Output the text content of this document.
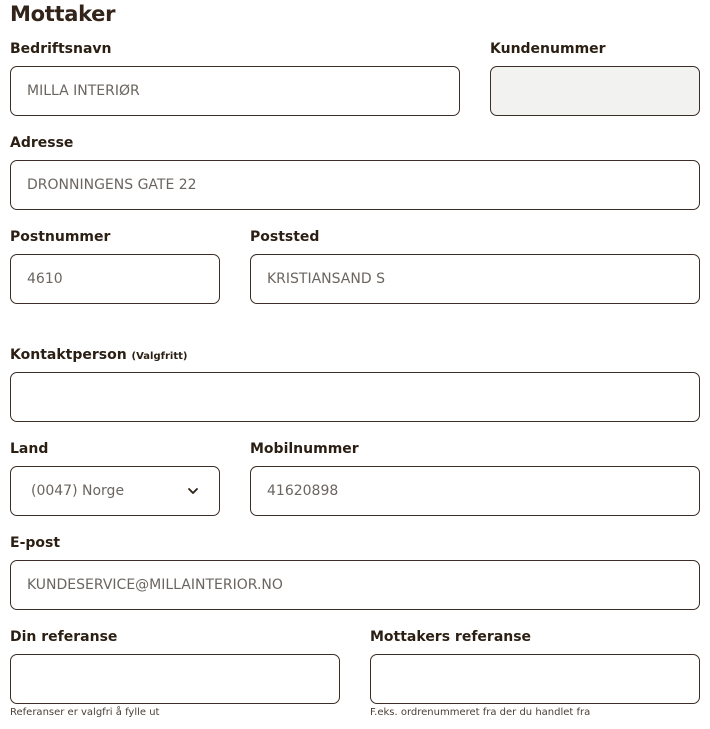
Mottaker
Bedriftsnavn
MILLA INTERIØR	Kundenummer
Adresse
DRONNINGENS GATE 22
Postnummer
4610	Poststed
KRISTIANSAND S
Kontaktperson (Valgfritt)
Land
(0047) Norge
Mobilnummer
41620898
E-post
KUNDESERVICE@MILLAINTERIOR.NO
Din referanse
Referanser er valgfri å fylle ut
Mottakers referanse
F.eks. ordrenummeret fra der du handlet fra
